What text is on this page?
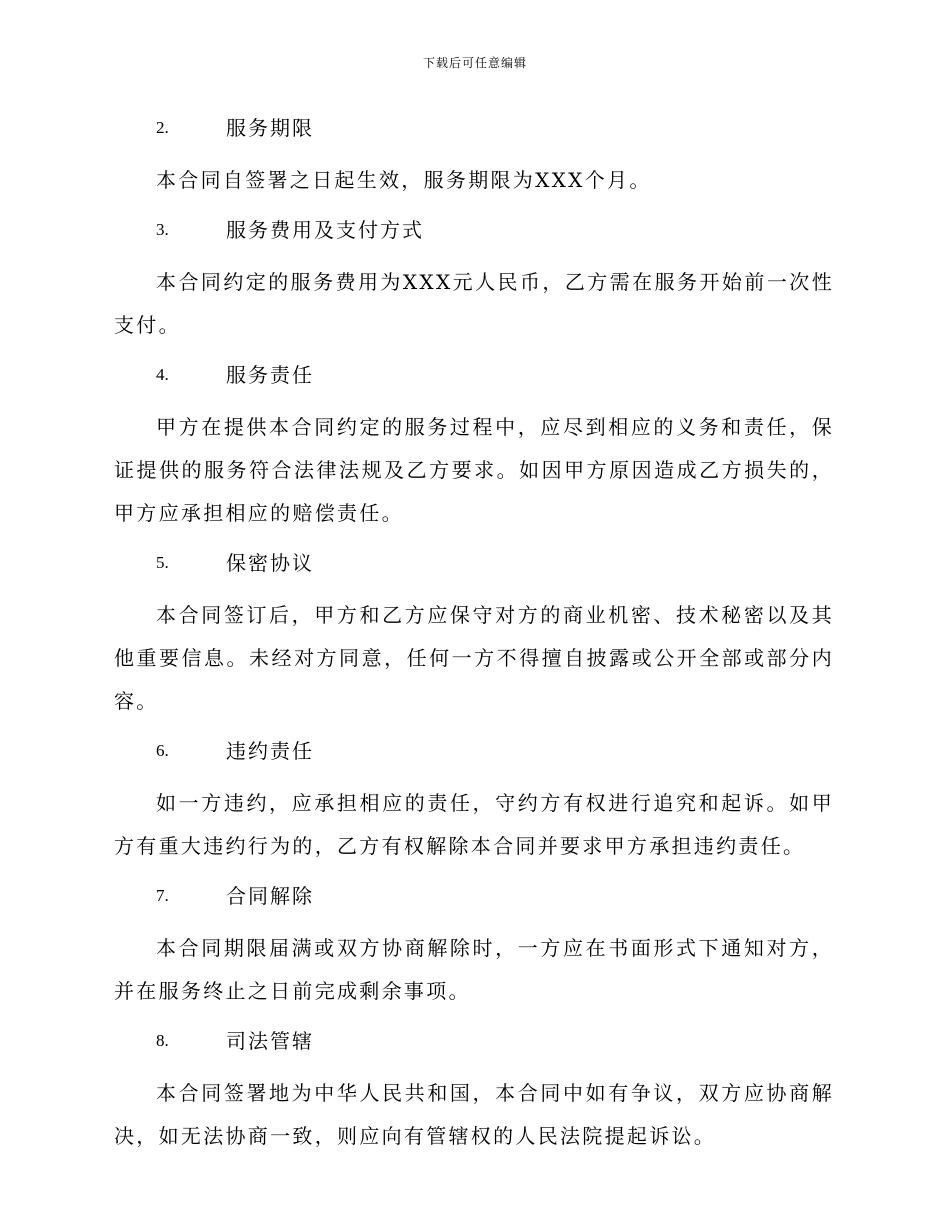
下载后可任意编辑
2.	服务期限

本合同自签署之日起生效，服务期限为XXX个月。

3.	服务费用及支付方式

本合同约定的服务费用为XXX元人民币，乙方需在服务开始前一次性支付。

4.	服务责任

甲方在提供本合同约定的服务过程中，应尽到相应的义务和责任，保证提供的服务符合法律法规及乙方要求。如因甲方原因造成乙方损失的，甲方应承担相应的赔偿责任。

5.	保密协议

本合同签订后，甲方和乙方应保守对方的商业机密、技术秘密以及其他重要信息。未经对方同意，任何一方不得擅自披露或公开全部或部分内容。

6.	违约责任

如一方违约，应承担相应的责任，守约方有权进行追究和起诉。如甲方有重大违约行为的，乙方有权解除本合同并要求甲方承担违约责任。

7.	合同解除

本合同期限届满或双方协商解除时，一方应在书面形式下通知对方，并在服务终止之日前完成剩余事项。

8.	司法管辖

本合同签署地为中华人民共和国，本合同中如有争议，双方应协商解决，如无法协商一致，则应向有管辖权的人民法院提起诉讼。
